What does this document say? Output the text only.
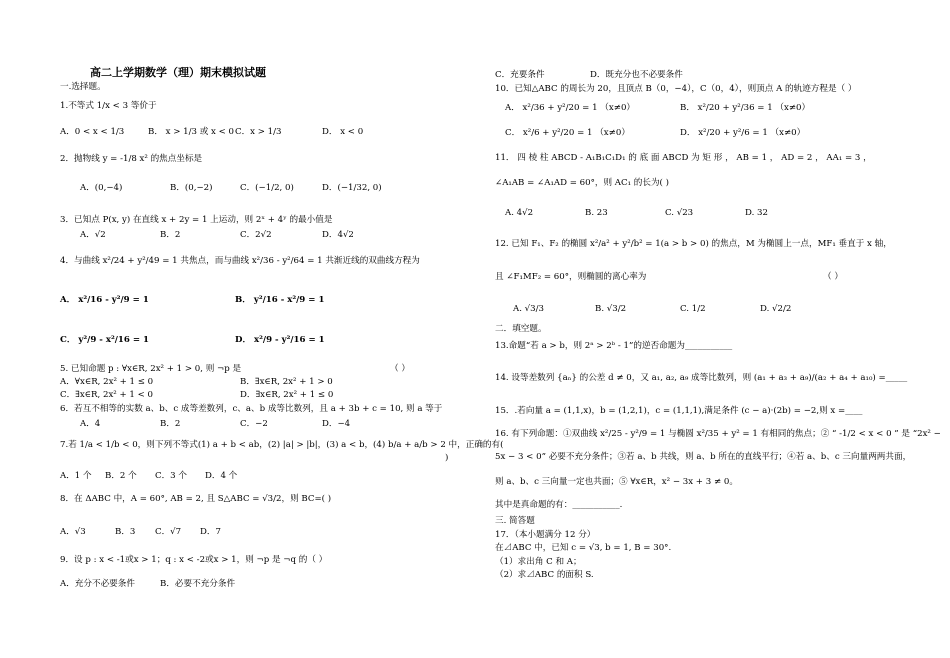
高二上学期数学（理）期末模拟试题
一.选择题。
1.不等式 1/x < 3 等价于
A．0 < x < 1/3	B． x > 1/3 或 x < 0 C．x > 1/3	D． x < 0
2．抛物线 y = -1/8 x² 的焦点坐标是
A．(0,−4)	B．(0,−2)	C．(−1/2, 0)	D．(−1/32, 0)
3．已知点 P(x, y) 在直线 x + 2y = 1 上运动，则 2ˣ + 4ʸ 的最小值是
A．√2	B．2	C．2√2	D．4√2
4．与曲线 x²/24 + y²/49 = 1 共焦点，而与曲线 x²/36 - y²/64 = 1 共渐近线的双曲线方程为
A． x²/16 - y²/9 = 1	B． y²/16 - x²/9 = 1
C． y²/9 - x²/16 = 1	D． x²/9 - y²/16 = 1
5. 已知命题 p : ∀x∈R, 2x² + 1 > 0, 则 ¬p 是	（ ）
A．∀x∈R, 2x² + 1 ≤ 0	B．∃x∈R, 2x² + 1 > 0
C．∃x∈R, 2x² + 1 < 0	D．∃x∈R, 2x² + 1 ≤ 0
6．若互不相等的实数 a、b、c 成等差数列，c、a、b 成等比数列，且 a + 3b + c = 10, 则 a 等于
A．4	B．2	C．−2	D．−4
7.若 1/a < 1/b < 0，则下列不等式(1) a + b < ab，(2) |a| > |b|，(3) a < b，(4) b/a + a/b > 2 中，正确的有(
)
A．1 个 B．2 个 C．3 个 D．4 个
8．在 ΔABC 中，A = 60°, AB = 2, 且 S△ABC = √3/2，则 BC=( )
A．√3	B．3 C．√7 D．7
9．设 p : x < -1或x > 1；q : x < -2或x > 1，则 ¬p 是 ¬q 的（ ）
A．充分不必要条件	B．必要不充分条件
C．充要条件	D．既充分也不必要条件
10．已知△ABC 的周长为 20，且顶点 B（0，−4），C（0，4），则顶点 A 的轨迹方程是（ ）
A． x²/36 + y²/20 = 1 （x≠0）	B． x²/20 + y²/36 = 1 （x≠0）
C． x²/6 + y²/20 = 1 （x≠0）	D． x²/20 + y²/6 = 1 （x≠0）
11． 四 棱 柱 ABCD - A₁B₁C₁D₁ 的 底 面 ABCD 为 矩 形 ， AB = 1 ， AD = 2 ， AA₁ = 3 ，
∠A₁AB = ∠A₁AD = 60°，则 AC₁ 的长为( )
A. 4√2	B. 23	C. √23	D. 32
12. 已知 F₁、F₂ 的椭圆 x²/a² + y²/b² = 1(a > b > 0) 的焦点，M 为椭圆上一点，MF₁ 垂直于 x 轴，
且 ∠F₁MF₂ = 60°，则椭圆的离心率为	（ ）
A. √3/3	B. √3/2	C. 1/2	D. √2/2
二．填空题。
13.命题“若 a > b，则 2ᵃ > 2ᵇ - 1”的逆否命题为___________
14. 设等差数列 {aₙ} 的公差 d ≠ 0，又 a₁, a₂, a₉ 成等比数列，则 (a₁ + a₃ + a₉)/(a₂ + a₄ + a₁₀) =_____
15．.若向量 a = (1,1,x)，b = (1,2,1)，c = (1,1,1),满足条件 (c − a)·(2b) = −2,则 x =____
16. 有下列命题：①双曲线 x²/25 - y²/9 = 1 与椭圆 x²/35 + y² = 1 有相同的焦点；② “ -1/2 < x < 0 ” 是 “2x² −
5x − 3 < 0” 必要不充分条件；③若 a、b 共线，则 a、b 所在的直线平行；④若 a、b、c 三向量两两共面，
则 a、b、c 三向量一定也共面；⑤ ∀x∈R，x² − 3x + 3 ≠ 0。
其中是真命题的有：___________.
三. 简答题
17．（本小题满分 12 分）
在⊿ABC 中，已知 c = √3, b = 1, B = 30°.
（1）求出角 C 和 A；
（2）求⊿ABC 的面积 S.
